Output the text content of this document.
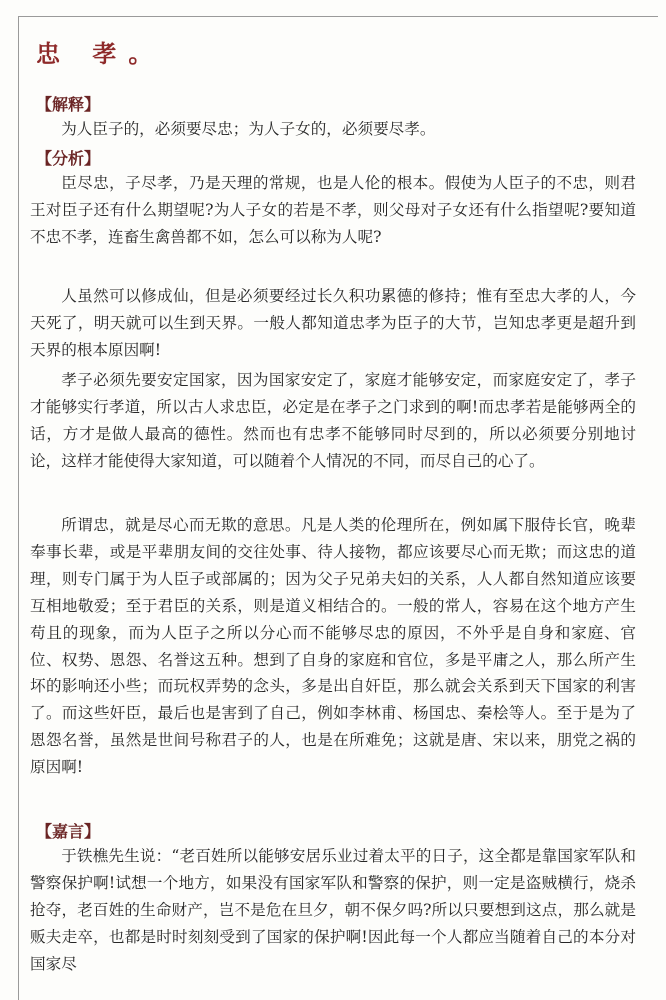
忠 孝。
【解释】
为人臣子的，必须要尽忠；为人子女的，必须要尽孝。
【分析】
臣尽忠，子尽孝，乃是天理的常规，也是人伦的根本。假使为人臣子的不忠，则君王对臣子还有什么期望呢?为人子女的若是不孝，则父母对子女还有什么指望呢?要知道不忠不孝，连畜生禽兽都不如，怎么可以称为人呢?
人虽然可以修成仙，但是必须要经过长久积功累德的修持；惟有至忠大孝的人，今天死了，明天就可以生到天界。一般人都知道忠孝为臣子的大节，岂知忠孝更是超升到天界的根本原因啊!
孝子必须先要安定国家，因为国家安定了，家庭才能够安定，而家庭安定了，孝子才能够实行孝道，所以古人求忠臣，必定是在孝子之门求到的啊!而忠孝若是能够两全的话，方才是做人最高的德性。然而也有忠孝不能够同时尽到的，所以必须要分别地讨论，这样才能使得大家知道，可以随着个人情况的不同，而尽自己的心了。
所谓忠，就是尽心而无欺的意思。凡是人类的伦理所在，例如属下服侍长官，晚辈奉事长辈，或是平辈朋友间的交往处事、待人接物，都应该要尽心而无欺；而这忠的道理，则专门属于为人臣子或部属的；因为父子兄弟夫妇的关系，人人都自然知道应该要互相地敬爱；至于君臣的关系，则是道义相结合的。一般的常人，容易在这个地方产生苟且的现象，而为人臣子之所以分心而不能够尽忠的原因，不外乎是自身和家庭、官位、权势、恩怨、名誉这五种。想到了自身的家庭和官位，多是平庸之人，那么所产生坏的影响还小些；而玩权弄势的念头，多是出自奸臣，那么就会关系到天下国家的利害了。而这些奸臣，最后也是害到了自己，例如李林甫、杨国忠、秦桧等人。至于是为了恩怨名誉，虽然是世间号称君子的人，也是在所难免；这就是唐、宋以来，朋党之祸的原因啊!
【嘉言】
于铁樵先生说：“老百姓所以能够安居乐业过着太平的日子，这全都是靠国家军队和警察保护啊!试想一个地方，如果没有国家军队和警察的保护，则一定是盗贼横行，烧杀抢夺，老百姓的生命财产，岂不是危在旦夕，朝不保夕吗?所以只要想到这点，那么就是贩夫走卒，也都是时时刻刻受到了国家的保护啊!因此每一个人都应当随着自己的本分对国家尽
